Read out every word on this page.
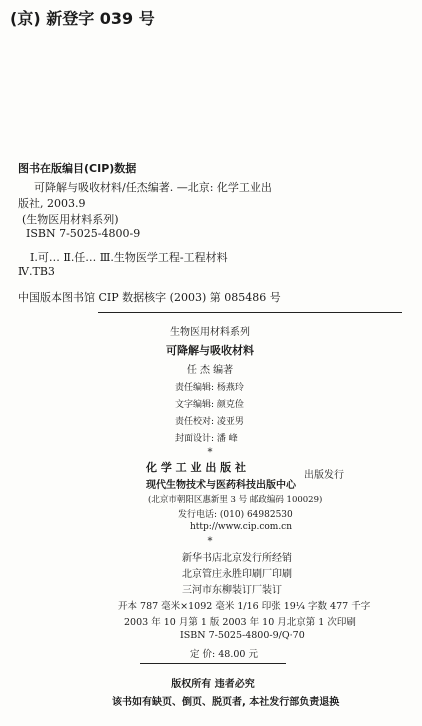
(京) 新登字 039 号
图书在版编目(CIP)数据
可降解与吸收材料/任杰编著. —北京: 化学工业出
版社, 2003.9
(生物医用材料系列)
ISBN 7-5025-4800-9
Ⅰ.可… Ⅱ.任… Ⅲ.生物医学工程-工程材料
Ⅳ.TB3
中国版本图书馆 CIP 数据核字 (2003) 第 085486 号
生物医用材料系列
可降解与吸收材料
任 杰 编著
责任编辑: 杨燕玲
文字编辑: 颜克俭
责任校对: 凌亚男
封面设计: 潘 峰
*
化 学 工 业 出 版 社
现代生物技术与医药科技出版中心
出版发行
(北京市朝阳区惠新里 3 号 邮政编码 100029)
发行电话: (010) 64982530
http://www.cip.com.cn
*
新华书店北京发行所经销
北京管庄永胜印刷厂印刷
三河市东柳装订厂装订
开本 787 毫米×1092 毫米 1/16 印张 19¼ 字数 477 千字
2003 年 10 月第 1 版 2003 年 10 月北京第 1 次印刷
ISBN 7-5025-4800-9/Q·70
定 价: 48.00 元
版权所有 违者必究
该书如有缺页、倒页、脱页者, 本社发行部负责退换
